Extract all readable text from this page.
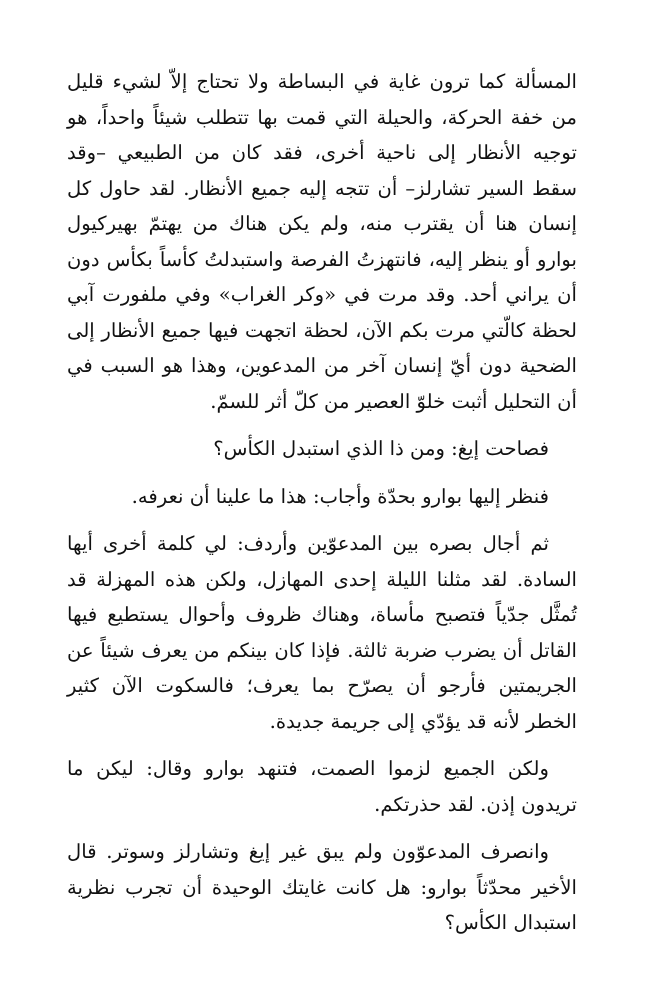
المسألة كما ترون غاية في البساطة ولا تحتاج إلاّ لشيء قليل من خفة الحركة، والحيلة التي قمت بها تتطلب شيئاً واحداً، هو توجيه الأنظار إلى ناحية أخرى، فقد كان من الطبيعي –وقد سقط السير تشارلز– أن تتجه إليه جميع الأنظار. لقد حاول كل إنسان هنا أن يقترب منه، ولم يكن هناك من يهتمّ بهيركيول بوارو أو ينظر إليه، فانتهزتُ الفرصة واستبدلتُ كأساً بكأس دون أن يراني أحد. وقد مرت في «وكر الغراب» وفي ملفورت آبي لحظة كالّتي مرت بكم الآن، لحظة اتجهت فيها جميع الأنظار إلى الضحية دون أيّ إنسان آخر من المدعوين، وهذا هو السبب في أن التحليل أثبت خلوّ العصير من كلّ أثر للسمّ.

فصاحت إيغ: ومن ذا الذي استبدل الكأس؟

فنظر إليها بوارو بحدّة وأجاب: هذا ما علينا أن نعرفه.

ثم أجال بصره بين المدعوّين وأردف: لي كلمة أخرى أيها السادة. لقد مثلنا الليلة إحدى المهازل، ولكن هذه المهزلة قد تُمثَّل جدّياً فتصبح مأساة، وهناك ظروف وأحوال يستطيع فيها القاتل أن يضرب ضربة ثالثة. فإذا كان بينكم من يعرف شيئاً عن الجريمتين فأرجو أن يصرّح بما يعرف؛ فالسكوت الآن كثير الخطر لأنه قد يؤدّي إلى جريمة جديدة.

ولكن الجميع لزموا الصمت، فتنهد بوارو وقال: ليكن ما تريدون إذن. لقد حذرتكم.

وانصرف المدعوّون ولم يبق غير إيغ وتشارلز وسوتر. قال الأخير محدّثاً بوارو: هل كانت غايتك الوحيدة أن تجرب نظرية استبدال الكأس؟
